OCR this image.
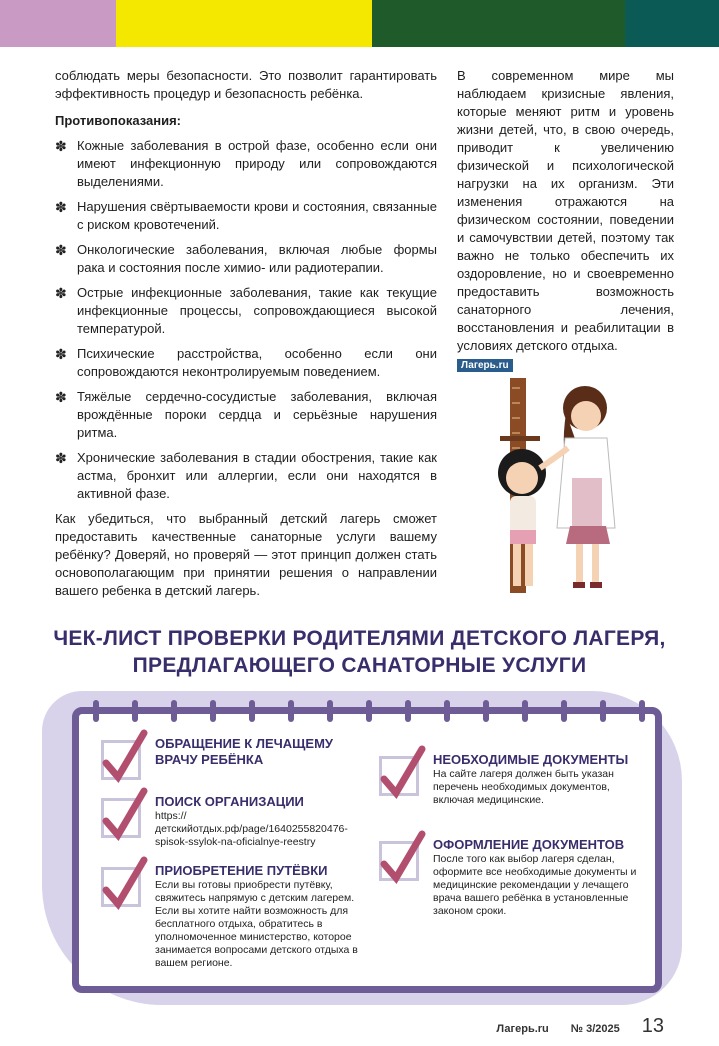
соблюдать меры безопасности. Это позволит гарантировать эффективность процедур и безопасность ребёнка.

Противопоказания:
✽ Кожные заболевания в острой фазе, особенно если они имеют инфекционную природу или сопровождаются выделениями.
✽ Нарушения свёртываемости крови и состояния, связанные с риском кровотечений.
✽ Онкологические заболевания, включая любые формы рака и состояния после химио- или радиотерапии.
✽ Острые инфекционные заболевания, такие как текущие инфекционные процессы, сопровождающиеся высокой температурой.
✽ Психические расстройства, особенно если они сопровождаются неконтролируемым поведением.
✽ Тяжёлые сердечно-сосудистые заболевания, включая врождённые пороки сердца и серьёзные нарушения ритма.
✽ Хронические заболевания в стадии обострения, такие как астма, бронхит или аллергии, если они находятся в активной фазе.

Как убедиться, что выбранный детский лагерь сможет предоставить качественные санаторные услуги вашему ребёнку? Доверяй, но проверяй — этот принцип должен стать основополагающим при принятии решения о направлении вашего ребенка в детский лагерь.

В современном мире мы наблюдаем кризисные явления, которые меняют ритм и уровень жизни детей, что, в свою очередь, приводит к увеличению физической и психологической нагрузки на их организм. Эти изменения отражаются на физическом состоянии, поведении и самочувствии детей, поэтому так важно не только обеспечить их оздоровление, но и своевременно предоставить возможность санаторного лечения, восстановления и реабилитации в условиях детского отдыха.
Лагерь.ru
ЧЕК-ЛИСТ ПРОВЕРКИ РОДИТЕЛЯМИ ДЕТСКОГО ЛАГЕРЯ, ПРЕДЛАГАЮЩЕГО САНАТОРНЫЕ УСЛУГИ
ОБРАЩЕНИЕ К ЛЕЧАЩЕМУ ВРАЧУ РЕБЁНКА

ПОИСК ОРГАНИЗАЦИИ

https://детскийотдых.рф/page/1640255820476-spisok-ssylok-na-oficialnye-reestry

ПРИОБРЕТЕНИЕ ПУТЁВКИ

Если вы готовы приобрести путёвку, свяжитесь напрямую с детским лагерем. Если вы хотите найти возможность для бесплатного отдыха, обратитесь в уполномоченное министерство, которое занимается вопросами детского отдыха в вашем регионе.

НЕОБХОДИМЫЕ ДОКУМЕНТЫ

На сайте лагеря должен быть указан перечень необходимых документов, включая медицинские.

ОФОРМЛЕНИЕ ДОКУМЕНТОВ

После того как выбор лагеря сделан, оформите все необходимые документы и медицинские рекомендации у лечащего врача вашего ребёнка в установленные законом сроки.

Лагерь.ru № 3/2025 13
